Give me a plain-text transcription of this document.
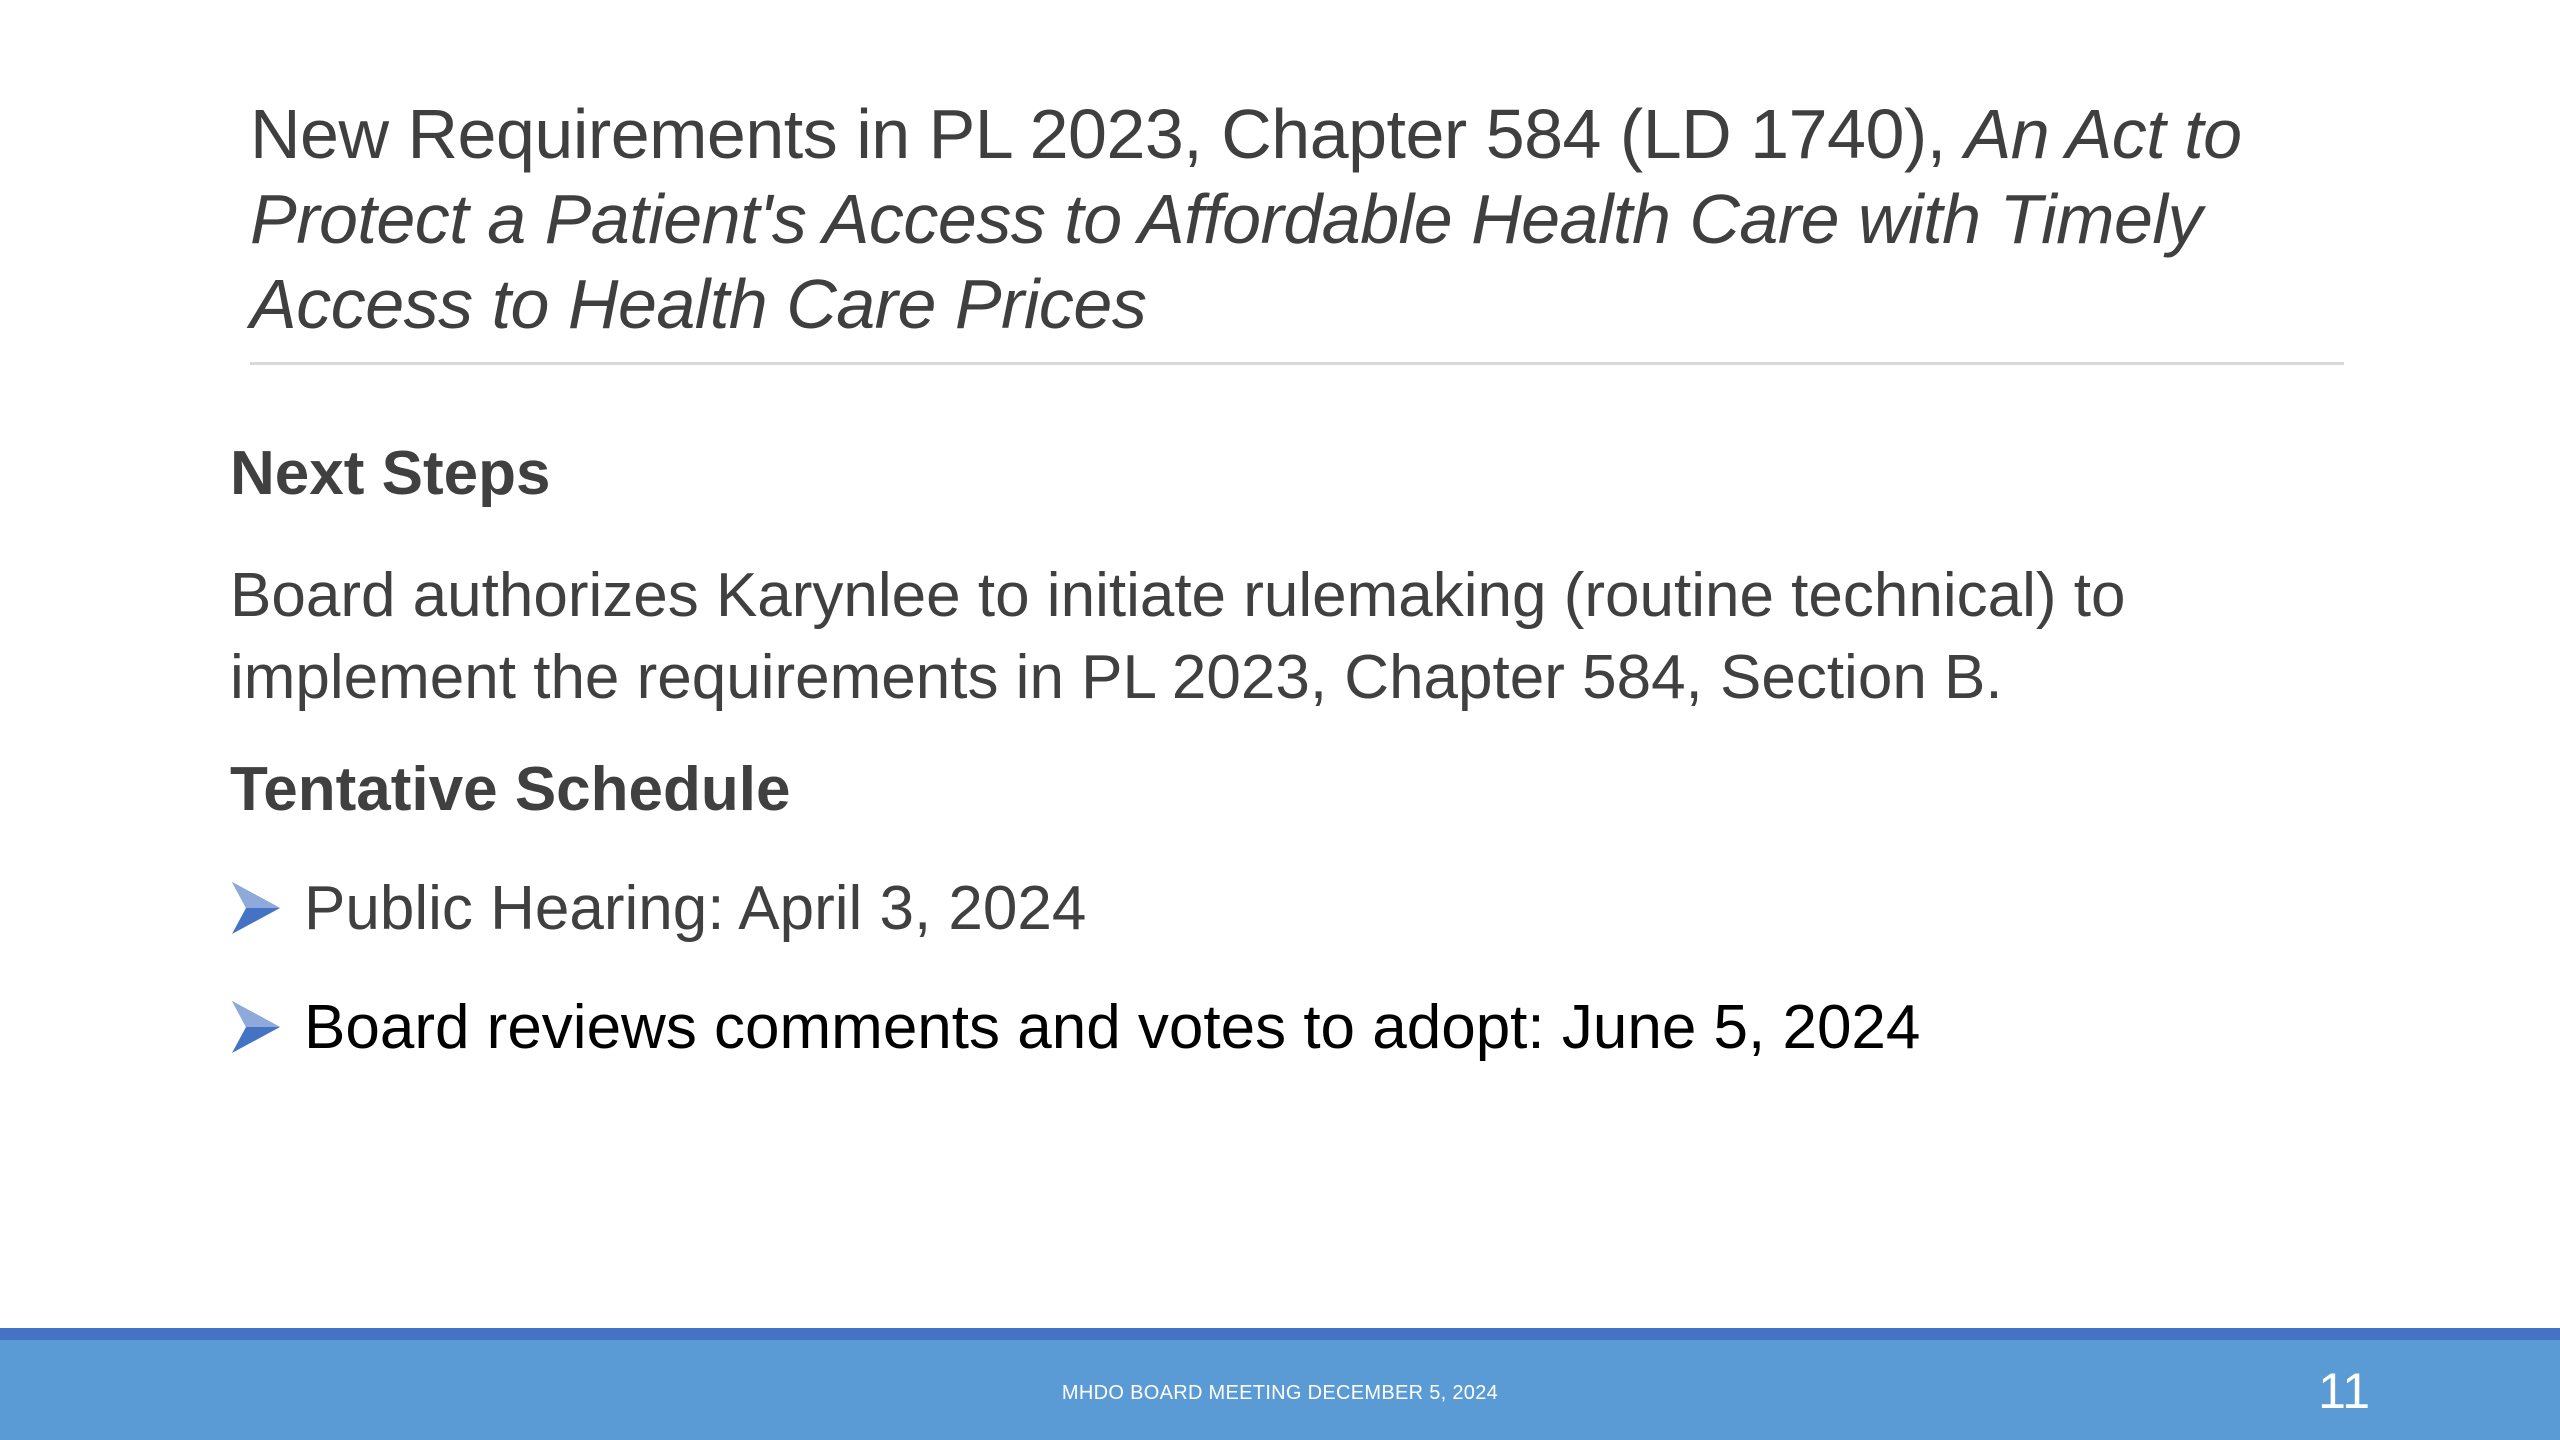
New Requirements in PL 2023, Chapter 584 (LD 1740), An Act to Protect a Patient's Access to Affordable Health Care with Timely Access to Health Care Prices
Next Steps
Board authorizes Karynlee to initiate rulemaking (routine technical) to implement the requirements in PL 2023, Chapter 584, Section B.
Tentative Schedule
Public Hearing: April 3, 2024
Board reviews comments and votes to adopt: June 5, 2024
MHDO BOARD MEETING DECEMBER 5, 2024	11
